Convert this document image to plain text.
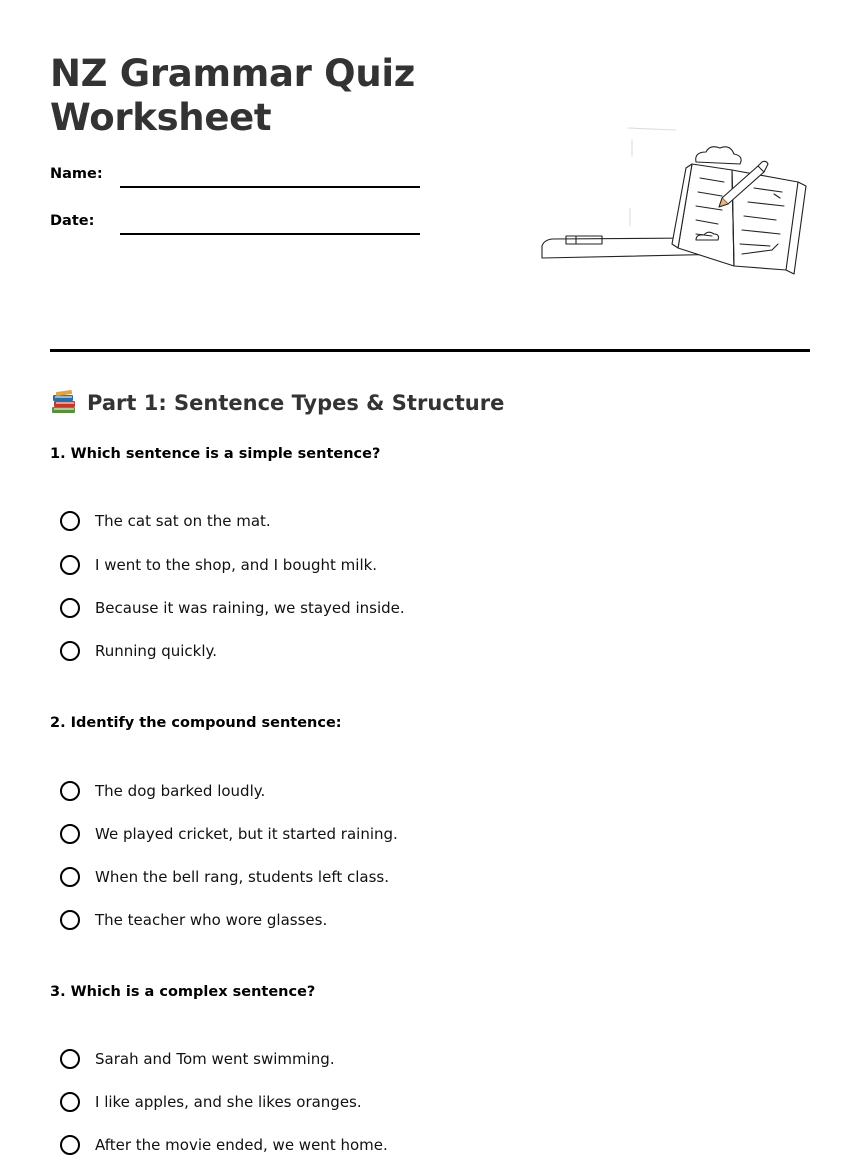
NZ Grammar Quiz
Worksheet
Name:
Date:
Part 1: Sentence Types & Structure
1. Which sentence is a simple sentence?
The cat sat on the mat.
I went to the shop, and I bought milk.
Because it was raining, we stayed inside.
Running quickly.
2. Identify the compound sentence:
The dog barked loudly.
We played cricket, but it started raining.
When the bell rang, students left class.
The teacher who wore glasses.
3. Which is a complex sentence?
Sarah and Tom went swimming.
I like apples, and she likes oranges.
After the movie ended, we went home.
